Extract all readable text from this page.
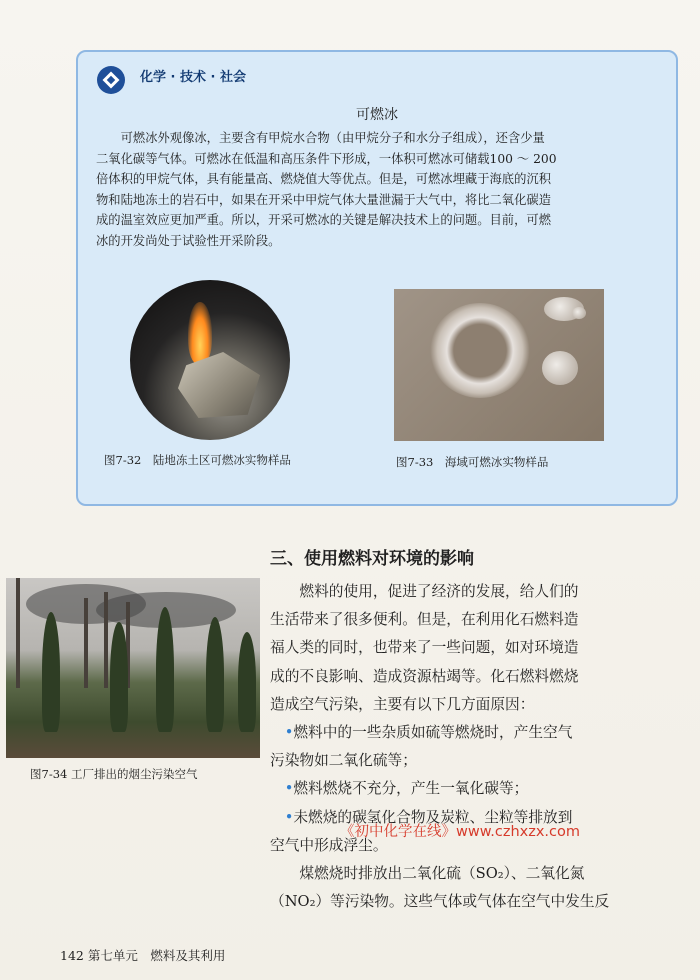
化学 · 技术 · 社会
可燃冰
可燃冰外观像冰，主要含有甲烷水合物（由甲烷分子和水分子组成），还含少量
二氧化碳等气体。可燃冰在低温和高压条件下形成，一体积可燃冰可储载100 ～ 200
倍体积的甲烷气体，具有能量高、燃烧值大等优点。但是，可燃冰埋藏于海底的沉积
物和陆地冻土的岩石中，如果在开采中甲烷气体大量泄漏于大气中，将比二氧化碳造
成的温室效应更加严重。所以，开采可燃冰的关键是解决技术上的问题。目前，可燃
冰的开发尚处于试验性开采阶段。
图7-32　陆地冻土区可燃冰实物样品	图7-33　海域可燃冰实物样品
三、使用燃料对环境的影响
图7-34 工厂排出的烟尘污染空气
燃料的使用，促进了经济的发展，给人们的
生活带来了很多便利。但是，在利用化石燃料造
福人类的同时，也带来了一些问题，如对环境造
成的不良影响、造成资源枯竭等。化石燃料燃烧
造成空气污染，主要有以下几方面原因：
•燃料中的一些杂质如硫等燃烧时，产生空气
污染物如二氧化硫等；
•燃料燃烧不充分，产生一氧化碳等；
•未燃烧的碳氢化合物及炭粒、尘粒等排放到
空气中形成浮尘。
煤燃烧时排放出二氧化硫（SO₂）、二氧化氮
（NO₂）等污染物。这些气体或气体在空气中发生反
《初中化学在线》www.czhxzx.com
142 第七单元　燃料及其利用
